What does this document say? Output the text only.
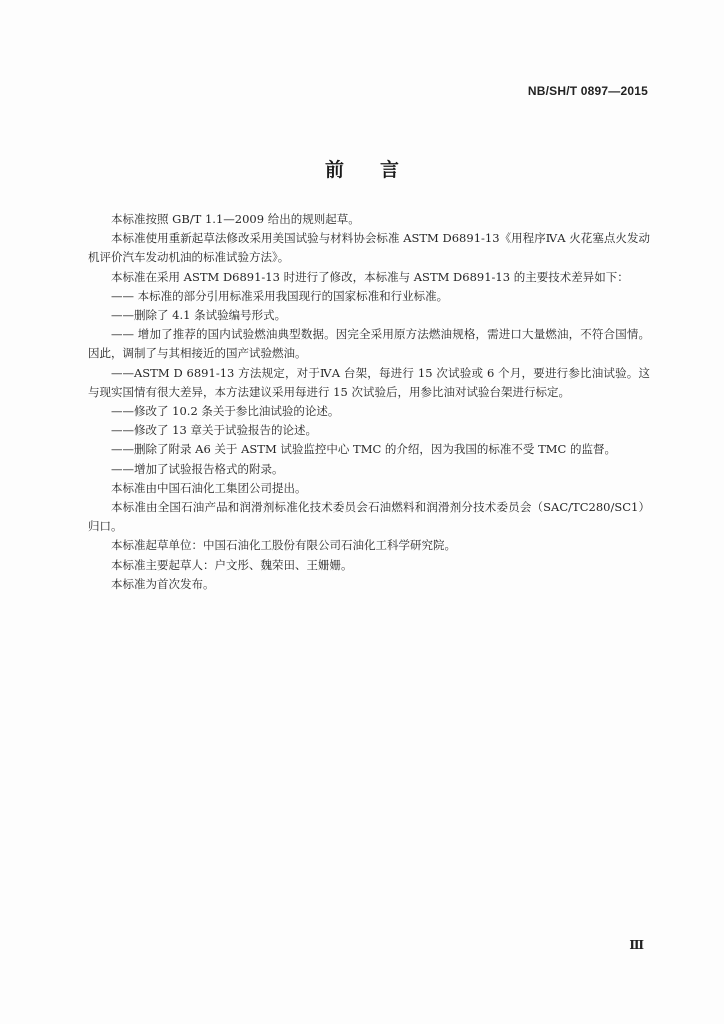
NB/SH/T 0897—2015
前言

本标准按照 GB/T 1.1—2009 给出的规则起草。

本标准使用重新起草法修改采用美国试验与材料协会标准 ASTM D6891-13《用程序ⅣA 火花塞点火发动机评价汽车发动机油的标准试验方法》。

本标准在采用 ASTM D6891-13 时进行了修改，本标准与 ASTM D6891-13 的主要技术差异如下：

—— 本标准的部分引用标准采用我国现行的国家标准和行业标准。

——删除了 4.1 条试验编号形式。

—— 增加了推荐的国内试验燃油典型数据。因完全采用原方法燃油规格，需进口大量燃油，不符合国情。因此，调制了与其相接近的国产试验燃油。

——ASTM D 6891-13 方法规定，对于ⅣA 台架，每进行 15 次试验或 6 个月，要进行参比油试验。这与现实国情有很大差异，本方法建议采用每进行 15 次试验后，用参比油对试验台架进行标定。

——修改了 10.2 条关于参比油试验的论述。

——修改了 13 章关于试验报告的论述。

——删除了附录 A6 关于 ASTM 试验监控中心 TMC 的介绍，因为我国的标准不受 TMC 的监督。

——增加了试验报告格式的附录。

本标准由中国石油化工集团公司提出。

本标准由全国石油产品和润滑剂标准化技术委员会石油燃料和润滑剂分技术委员会（SAC/TC280/SC1）归口。

本标准起草单位：中国石油化工股份有限公司石油化工科学研究院。

本标准主要起草人：户文彤、魏荣田、王姗姗。

本标准为首次发布。

Ⅲ
